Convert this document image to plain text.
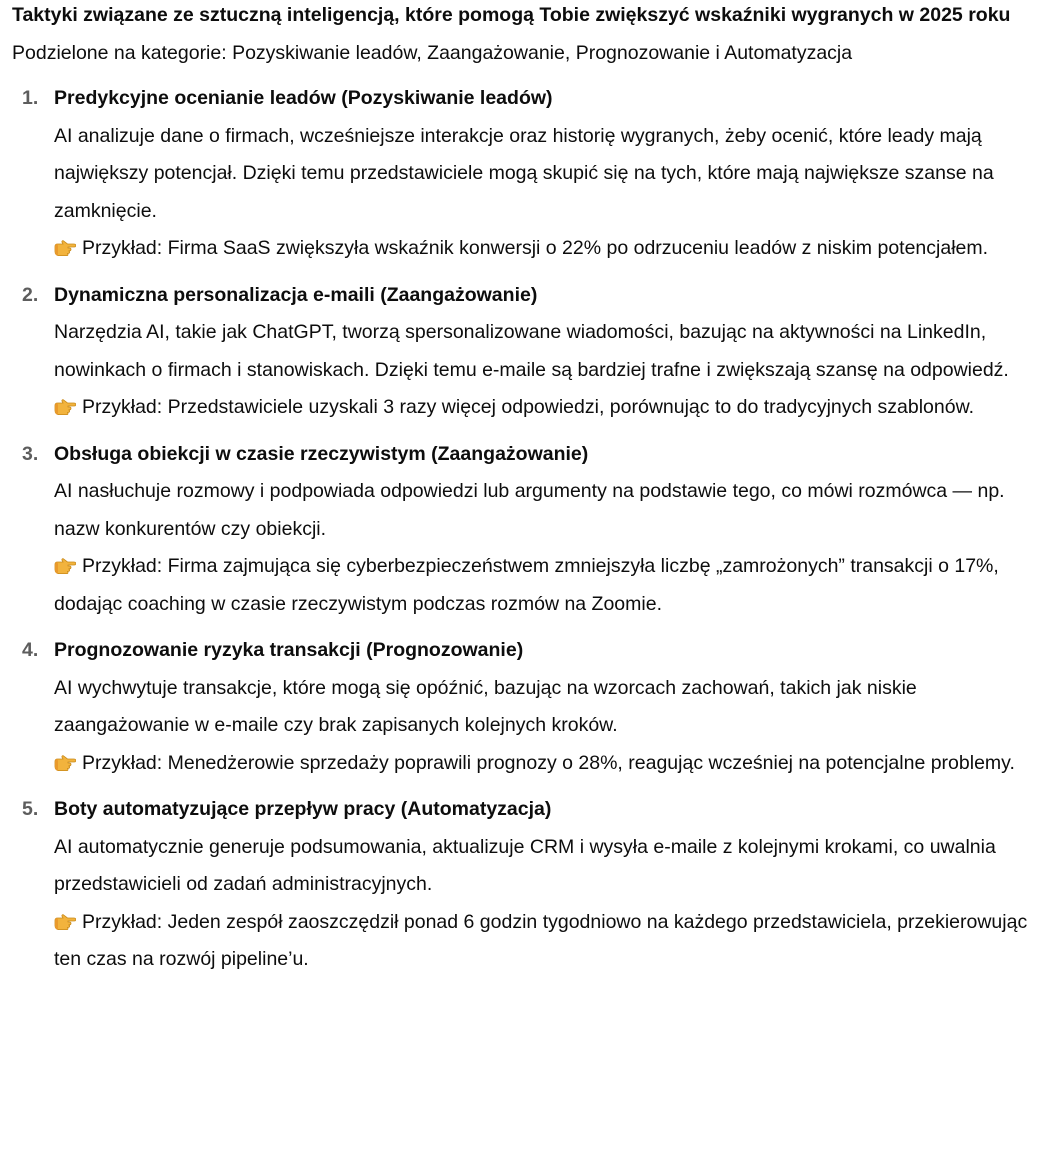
Taktyki związane ze sztuczną inteligencją, które pomogą Tobie zwiększyć wskaźniki wygranych w 2025 roku
Podzielone na kategorie: Pozyskiwanie leadów, Zaangażowanie, Prognozowanie i Automatyzacja
1. Predykcyjne ocenianie leadów (Pozyskiwanie leadów)
AI analizuje dane o firmach, wcześniejsze interakcje oraz historię wygranych, żeby ocenić, które leady mają największy potencjał. Dzięki temu przedstawiciele mogą skupić się na tych, które mają największe szanse na zamknięcie.
Przykład: Firma SaaS zwiększyła wskaźnik konwersji o 22% po odrzuceniu leadów z niskim potencjałem.
2. Dynamiczna personalizacja e-maili (Zaangażowanie)
Narzędzia AI, takie jak ChatGPT, tworzą spersonalizowane wiadomości, bazując na aktywności na LinkedIn, nowinkach o firmach i stanowiskach. Dzięki temu e-maile są bardziej trafne i zwiększają szansę na odpowiedź.
Przykład: Przedstawiciele uzyskali 3 razy więcej odpowiedzi, porównując to do tradycyjnych szablonów.
3. Obsługa obiekcji w czasie rzeczywistym (Zaangażowanie)
AI nasłuchuje rozmowy i podpowiada odpowiedzi lub argumenty na podstawie tego, co mówi rozmówca — np. nazw konkurentów czy obiekcji.
Przykład: Firma zajmująca się cyberbezpieczeństwem zmniejszyła liczbę „zamrożonych” transakcji o 17%, dodając coaching w czasie rzeczywistym podczas rozmów na Zoomie.
4. Prognozowanie ryzyka transakcji (Prognozowanie)
AI wychwytuje transakcje, które mogą się opóźnić, bazując na wzorcach zachowań, takich jak niskie zaangażowanie w e-maile czy brak zapisanych kolejnych kroków.
Przykład: Menedżerowie sprzedaży poprawili prognozy o 28%, reagując wcześniej na potencjalne problemy.
5. Boty automatyzujące przepływ pracy (Automatyzacja)
AI automatycznie generuje podsumowania, aktualizuje CRM i wysyła e-maile z kolejnymi krokami, co uwalnia przedstawicieli od zadań administracyjnych.
Przykład: Jeden zespół zaoszczędził ponad 6 godzin tygodniowo na każdego przedstawiciela, przekierowując ten czas na rozwój pipeline’u.
